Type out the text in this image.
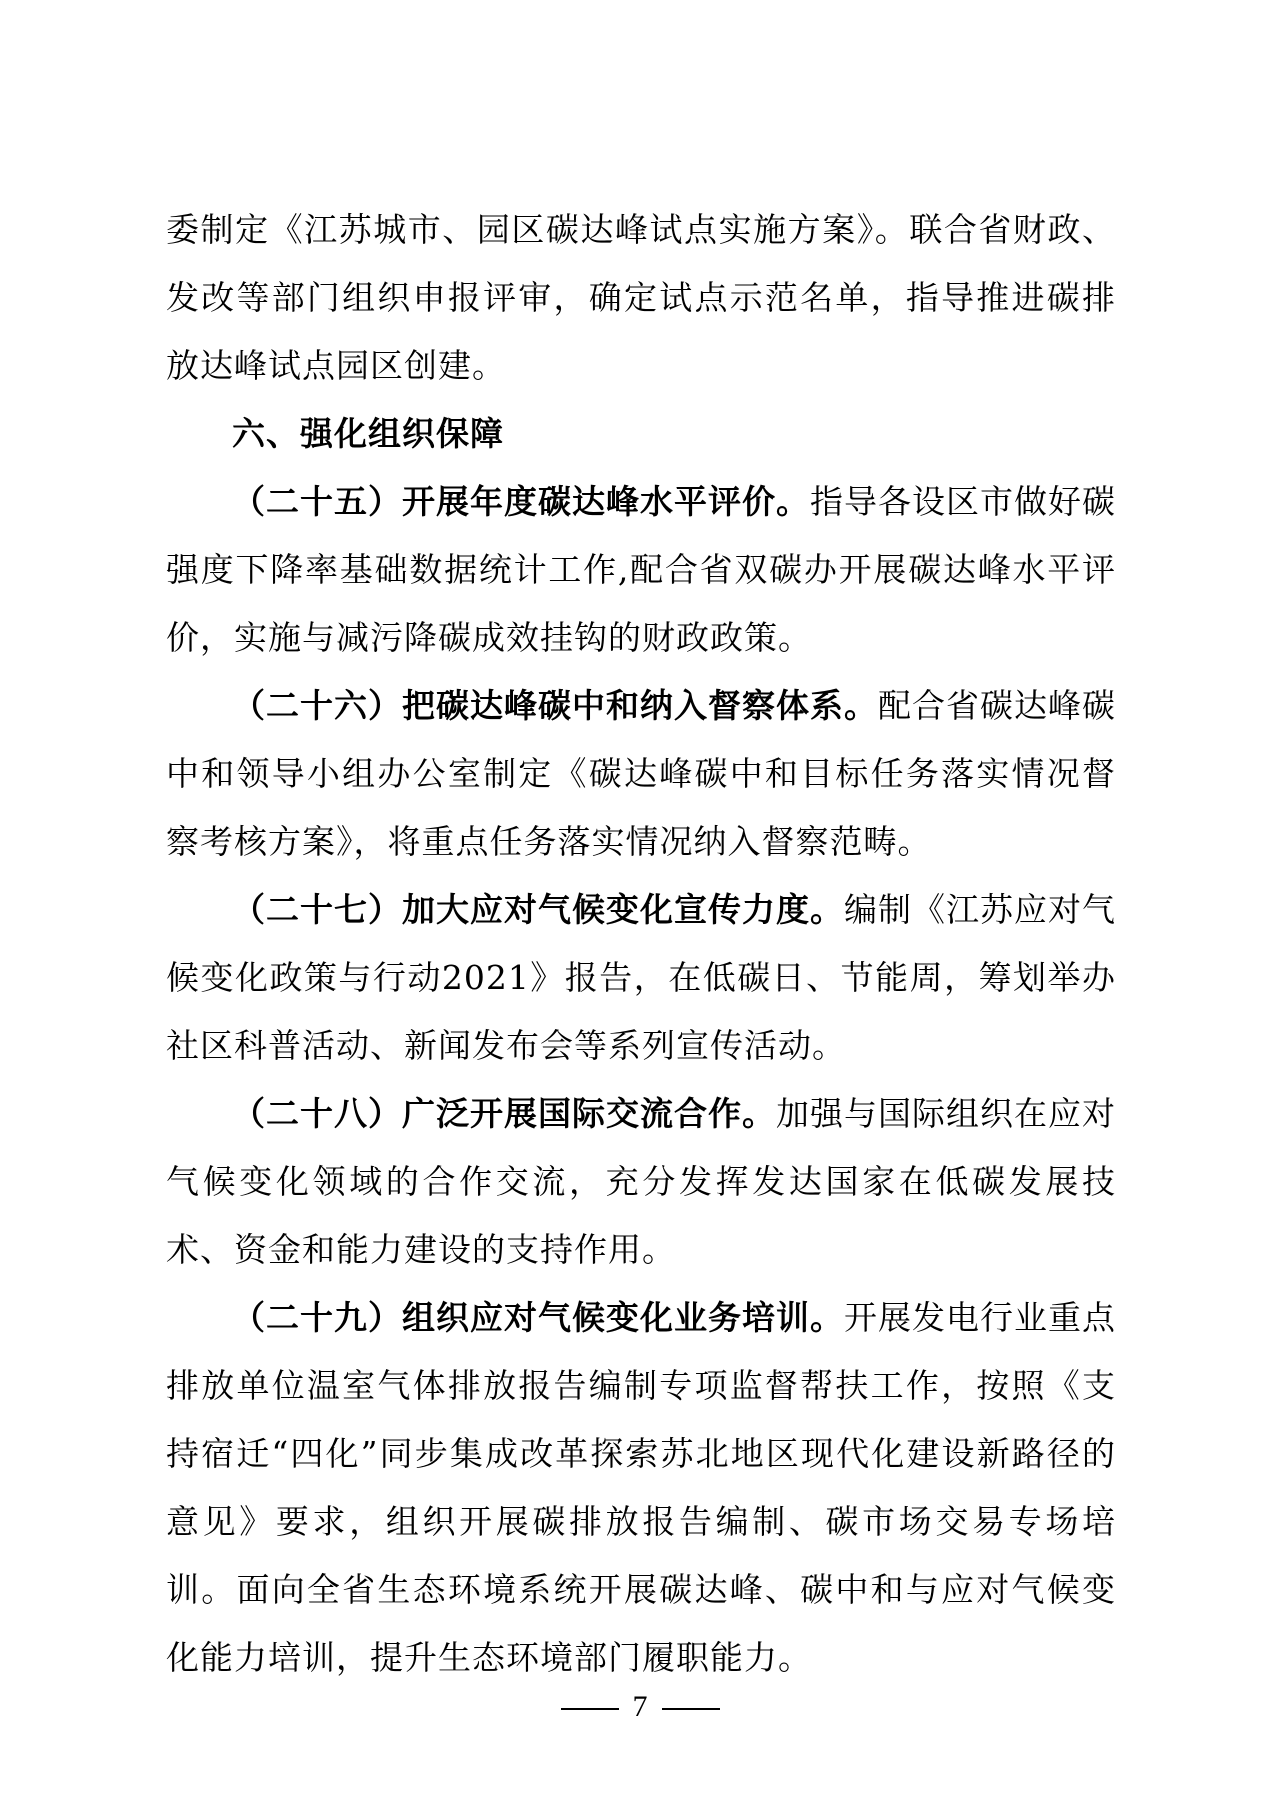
委制定《江苏城市、园区碳达峰试点实施方案》。联合省财政、发改等部门组织申报评审，确定试点示范名单，指导推进碳排放达峰试点园区创建。

六、强化组织保障

（二十五）开展年度碳达峰水平评价。指导各设区市做好碳强度下降率基础数据统计工作,配合省双碳办开展碳达峰水平评价，实施与减污降碳成效挂钩的财政政策。

（二十六）把碳达峰碳中和纳入督察体系。配合省碳达峰碳中和领导小组办公室制定《碳达峰碳中和目标任务落实情况督察考核方案》，将重点任务落实情况纳入督察范畴。

（二十七）加大应对气候变化宣传力度。编制《江苏应对气候变化政策与行动2021》报告，在低碳日、节能周，筹划举办社区科普活动、新闻发布会等系列宣传活动。

（二十八）广泛开展国际交流合作。加强与国际组织在应对气候变化领域的合作交流，充分发挥发达国家在低碳发展技术、资金和能力建设的支持作用。

（二十九）组织应对气候变化业务培训。开展发电行业重点排放单位温室气体排放报告编制专项监督帮扶工作，按照《支持宿迁“四化”同步集成改革探索苏北地区现代化建设新路径的意见》要求，组织开展碳排放报告编制、碳市场交易专场培训。面向全省生态环境系统开展碳达峰、碳中和与应对气候变化能力培训，提升生态环境部门履职能力。

7
